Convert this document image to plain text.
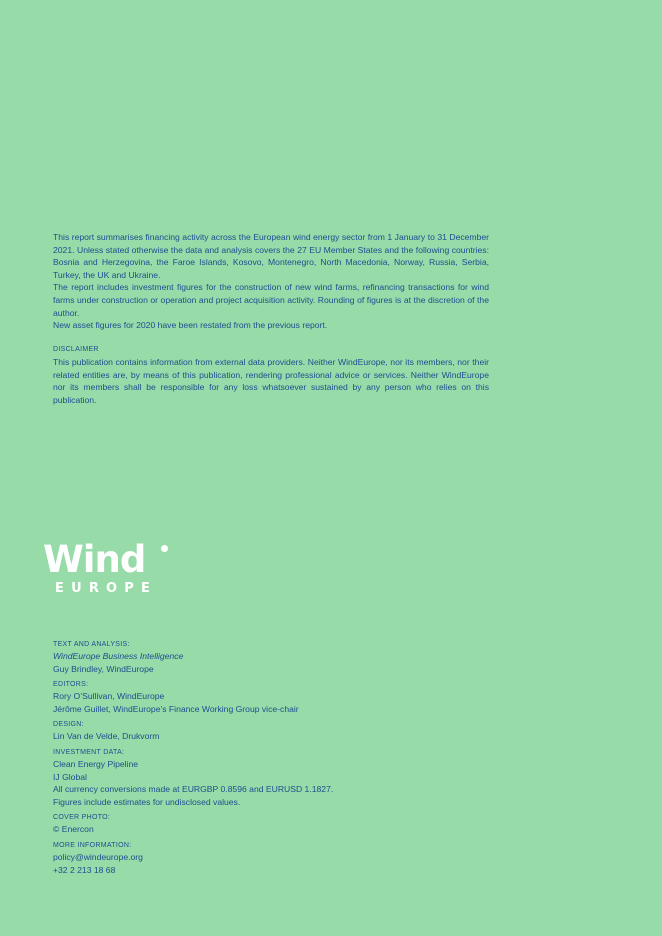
This report summarises financing activity across the European wind energy sector from 1 January to 31 December 2021. Unless stated otherwise the data and analysis covers the 27 EU Member States and the following countries: Bosnia and Herzegovina, the Faroe Islands, Kosovo, Montenegro, North Macedonia, Norway, Russia, Serbia, Turkey, the UK and Ukraine.

The report includes investment figures for the construction of new wind farms, refinancing transactions for wind farms under construction or operation and project acquisition activity. Rounding of figures is at the discretion of the author.

New asset figures for 2020 have been restated from the previous report.

DISCLAIMER
This publication contains information from external data providers. Neither WindEurope, nor its members, nor their related entities are, by means of this publication, rendering professional advice or services. Neither WindEurope nor its members shall be responsible for any loss whatsoever sustained by any person who relies on this publication.
Wind
EUROPE
TEXT AND ANALYSIS:
WindEurope Business Intelligence
Guy Brindley, WindEurope
EDITORS:
Rory O’Sullivan, WindEurope
Jérôme Guillet, WindEurope’s Finance Working Group vice-chair
DESIGN:
Lin Van de Velde, Drukvorm
INVESTMENT DATA:
Clean Energy Pipeline
IJ Global
All currency conversions made at EURGBP 0.8596 and EURUSD 1.1827.
Figures include estimates for undisclosed values.
COVER PHOTO:
© Enercon
MORE INFORMATION:
policy@windeurope.org
+32 2 213 18 68
